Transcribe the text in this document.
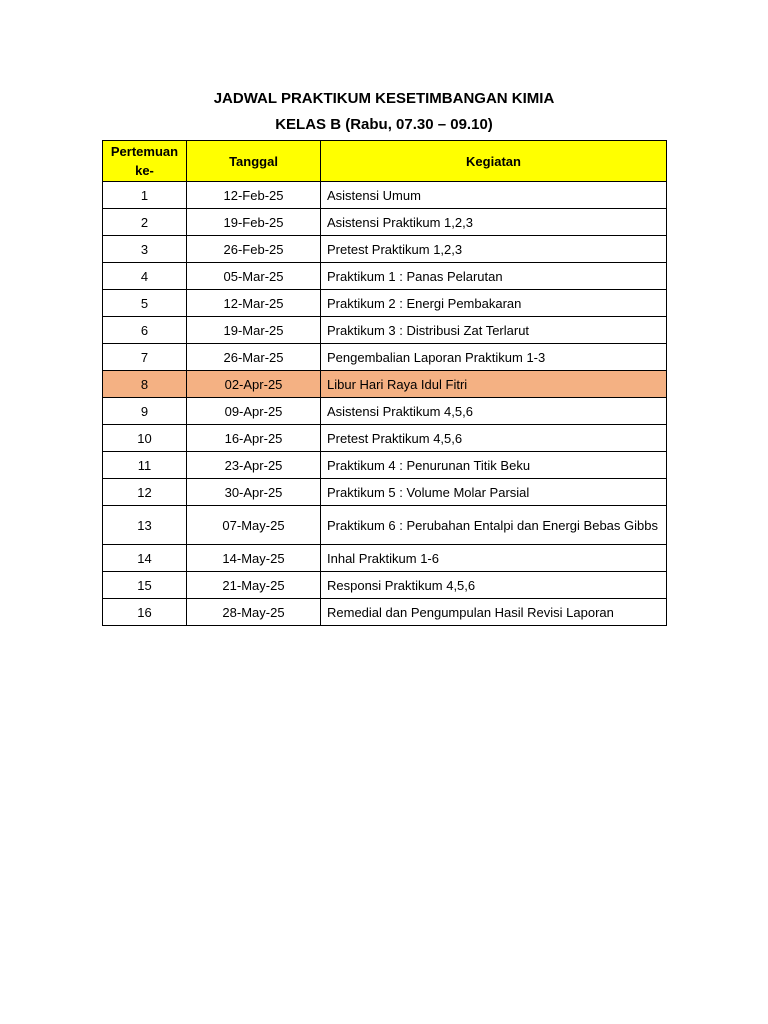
JADWAL PRAKTIKUM KESETIMBANGAN KIMIA
KELAS B (Rabu, 07.30 – 09.10)
Pertemuan ke-	Tanggal	Kegiatan
1	12-Feb-25	Asistensi Umum
2	19-Feb-25	Asistensi Praktikum 1,2,3
3	26-Feb-25	Pretest Praktikum 1,2,3
4	05-Mar-25	Praktikum 1 : Panas Pelarutan
5	12-Mar-25	Praktikum 2 : Energi Pembakaran
6	19-Mar-25	Praktikum 3 : Distribusi Zat Terlarut
7	26-Mar-25	Pengembalian Laporan Praktikum 1-3
8	02-Apr-25	Libur Hari Raya Idul Fitri
9	09-Apr-25	Asistensi Praktikum 4,5,6
10	16-Apr-25	Pretest Praktikum 4,5,6
11	23-Apr-25	Praktikum 4 : Penurunan Titik Beku
12	30-Apr-25	Praktikum 5 : Volume Molar Parsial
13	07-May-25	Praktikum 6 : Perubahan Entalpi dan Energi Bebas Gibbs
14	14-May-25	Inhal Praktikum 1-6
15	21-May-25	Responsi Praktikum 4,5,6
16	28-May-25	Remedial dan Pengumpulan Hasil Revisi Laporan
